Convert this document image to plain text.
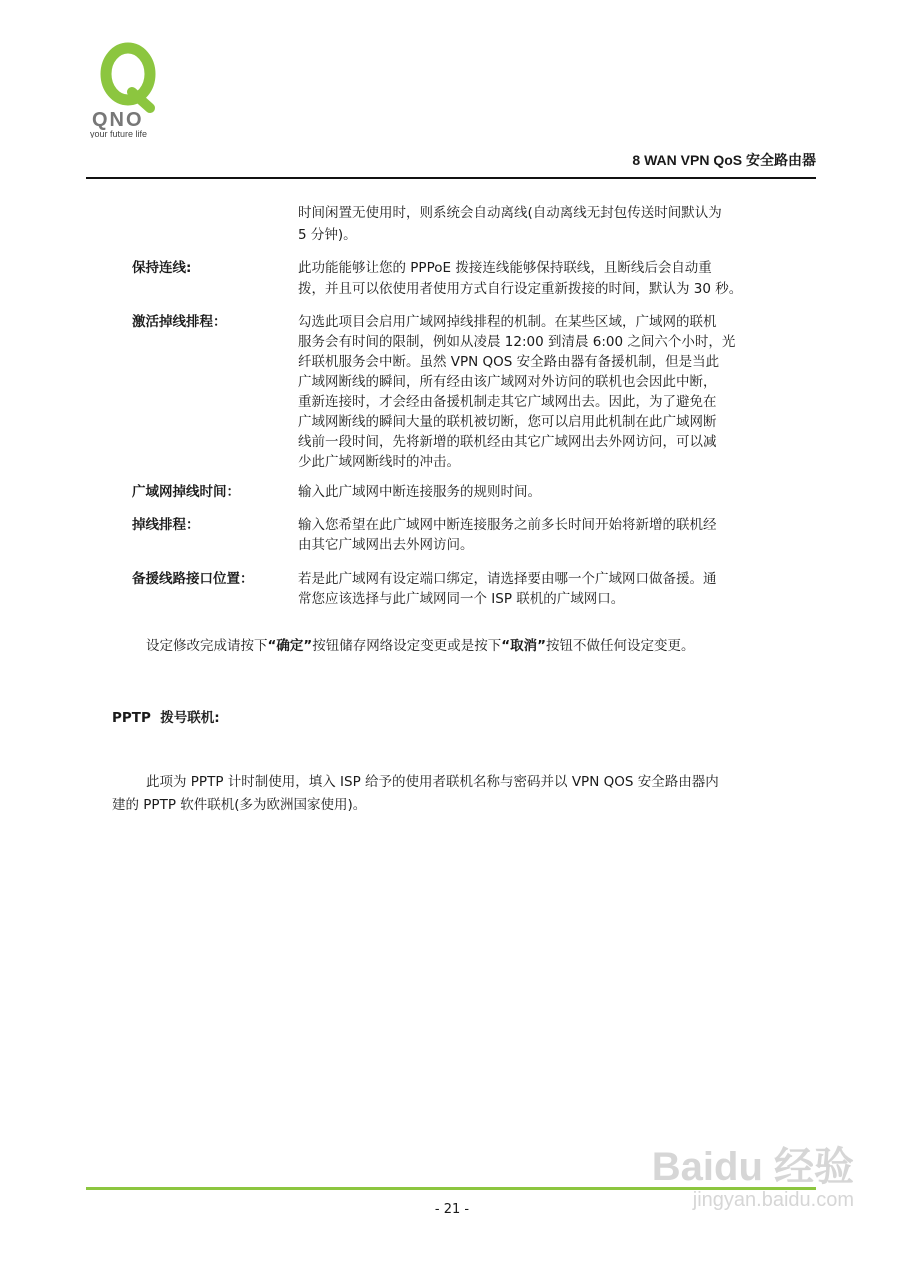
QNO
your future life
8 WAN VPN QoS 安全路由器
时间闲置无使用时，则系统会自动离线(自动离线无封包传送时间默认为
5 分钟)。
保持连线:	此功能能够让您的 PPPoE 拨接连线能够保持联线，且断线后会自动重
拨，并且可以依使用者使用方式自行设定重新拨接的时间，默认为 30 秒。
激活掉线排程：	勾选此项目会启用广域网掉线排程的机制。在某些区域，广域网的联机
服务会有时间的限制，例如从凌晨 12:00 到清晨 6:00 之间六个小时，光
纤联机服务会中断。虽然 VPN QOS 安全路由器有备援机制，但是当此
广域网断线的瞬间，所有经由该广域网对外访问的联机也会因此中断，
重新连接时，才会经由备援机制走其它广域网出去。因此，为了避免在
广域网断线的瞬间大量的联机被切断，您可以启用此机制在此广域网断
线前一段时间，先将新增的联机经由其它广域网出去外网访问，可以减
少此广域网断线时的冲击。
广域网掉线时间：	输入此广域网中断连接服务的规则时间。
掉线排程：	输入您希望在此广域网中断连接服务之前多长时间开始将新增的联机经
由其它广域网出去外网访问。
备援线路接口位置：	若是此广域网有设定端口绑定，请选择要由哪一个广域网口做备援。通
常您应该选择与此广域网同一个 ISP 联机的广域网口。
设定修改完成请按下“确定”按钮储存网络设定变更或是按下“取消”按钮不做任何设定变更。
PPTP  拨号联机:
此项为 PPTP 计时制使用，填入 ISP 给予的使用者联机名称与密码并以 VPN QOS 安全路由器内
建的 PPTP 软件联机(多为欧洲国家使用)。
- 21 -
Baidu 经验
jingyan.baidu.com
